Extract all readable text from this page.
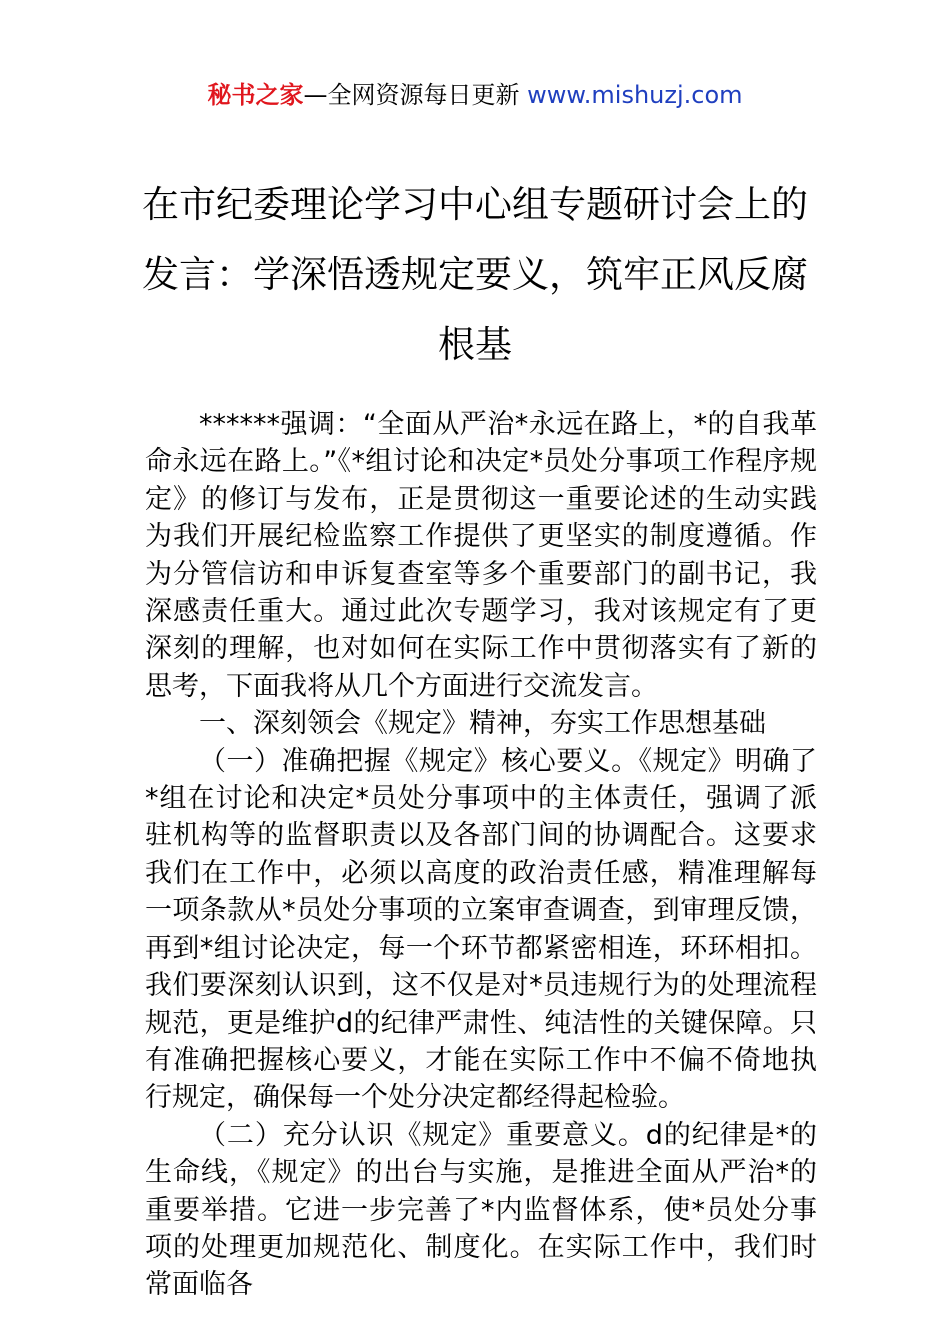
秘书之家—全网资源每日更新 www.mishuzj.com
在市纪委理论学习中心组专题研讨会上的
发言：学深悟透规定要义，筑牢正风反腐
根基

******强调：“全面从严治*永远在路上，*的自我革命永远在路上。”《*组讨论和决定*员处分事项工作程序规定》的修订与发布，正是贯彻这一重要论述的生动实践为我们开展纪检监察工作提供了更坚实的制度遵循。作为分管信访和申诉复查室等多个重要部门的副书记，我深感责任重大。通过此次专题学习，我对该规定有了更深刻的理解，也对如何在实际工作中贯彻落实有了新的思考，下面我将从几个方面进行交流发言。

一、深刻领会《规定》精神，夯实工作思想基础

（一）准确把握《规定》核心要义。《规定》明确了*组在讨论和决定*员处分事项中的主体责任，强调了派驻机构等的监督职责以及各部门间的协调配合。这要求我们在工作中，必须以高度的政治责任感，精准理解每一项条款从*员处分事项的立案审查调查，到审理反馈，再到*组讨论决定，每一个环节都紧密相连，环环相扣。我们要深刻认识到，这不仅是对*员违规行为的处理流程规范，更是维护d的纪律严肃性、纯洁性的关键保障。只有准确把握核心要义，才能在实际工作中不偏不倚地执行规定，确保每一个处分决定都经得起检验。

（二）充分认识《规定》重要意义。d的纪律是*的生命线，《规定》的出台与实施，是推进全面从严治*的重要举措。它进一步完善了*内监督体系，使*员处分事项的处理更加规范化、制度化。在实际工作中，我们时常面临各
